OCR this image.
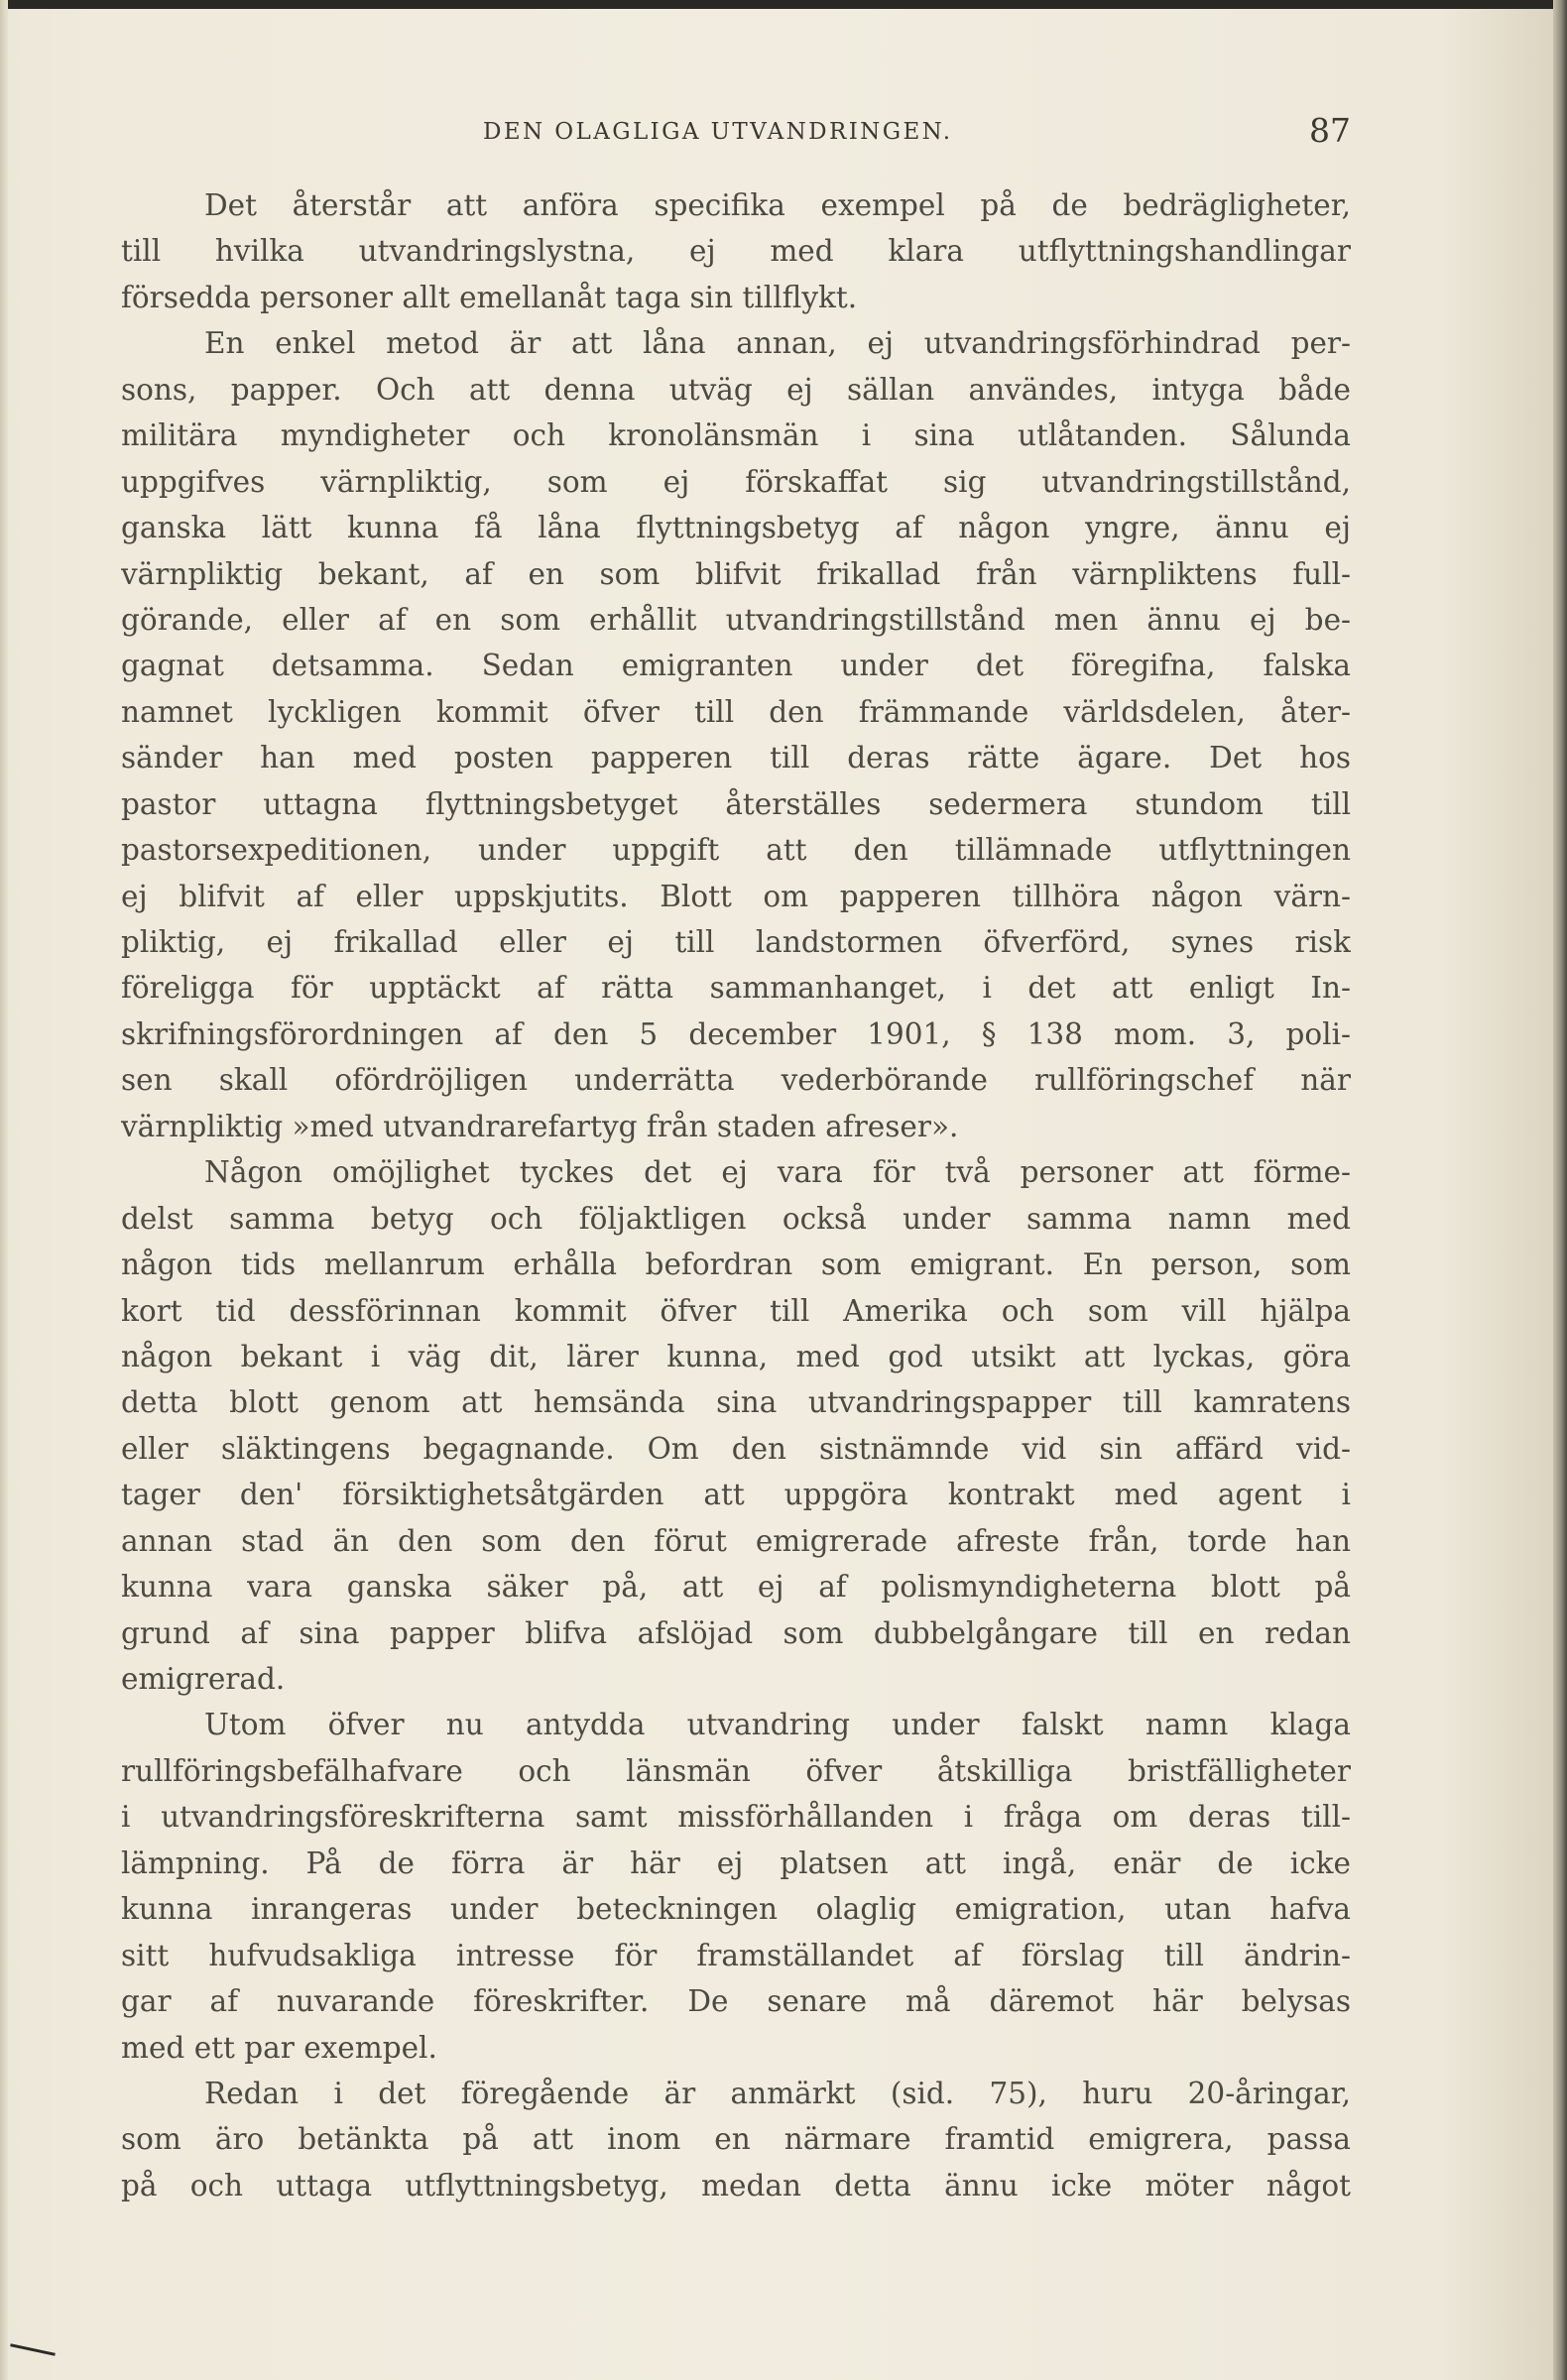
DEN OLAGLIGA UTVANDRINGEN.	87
Det återstår att anföra specifika exempel på de bedrägligheter,
till hvilka utvandringslystna, ej med klara utflyttningshandlingar
försedda personer allt emellanåt taga sin tillflykt.
En enkel metod är att låna annan, ej utvandringsförhindrad per-
sons, papper. Och att denna utväg ej sällan användes, intyga både
militära myndigheter och kronolänsmän i sina utlåtanden. Sålunda
uppgifves värnpliktig, som ej förskaffat sig utvandringstillstånd,
ganska lätt kunna få låna flyttningsbetyg af någon yngre, ännu ej
värnpliktig bekant, af en som blifvit frikallad från värnpliktens full-
görande, eller af en som erhållit utvandringstillstånd men ännu ej be-
gagnat detsamma. Sedan emigranten under det föregifna, falska
namnet lyckligen kommit öfver till den främmande världsdelen, åter-
sänder han med posten papperen till deras rätte ägare. Det hos
pastor uttagna flyttningsbetyget återställes sedermera stundom till
pastorsexpeditionen, under uppgift att den tillämnade utflyttningen
ej blifvit af eller uppskjutits. Blott om papperen tillhöra någon värn-
pliktig, ej frikallad eller ej till landstormen öfverförd, synes risk
föreligga för upptäckt af rätta sammanhanget, i det att enligt In-
skrifningsförordningen af den 5 december 1901, § 138 mom. 3, poli-
sen skall ofördröjligen underrätta vederbörande rullföringschef när
värnpliktig »med utvandrarefartyg från staden afreser».
Någon omöjlighet tyckes det ej vara för två personer att förme-
delst samma betyg och följaktligen också under samma namn med
någon tids mellanrum erhålla befordran som emigrant. En person, som
kort tid dessförinnan kommit öfver till Amerika och som vill hjälpa
någon bekant i väg dit, lärer kunna, med god utsikt att lyckas, göra
detta blott genom att hemsända sina utvandringspapper till kamratens
eller släktingens begagnande. Om den sistnämnde vid sin affärd vid-
tager den' försiktighetsåtgärden att uppgöra kontrakt med agent i
annan stad än den som den förut emigrerade afreste från, torde han
kunna vara ganska säker på, att ej af polismyndigheterna blott på
grund af sina papper blifva afslöjad som dubbelgångare till en redan
emigrerad.
Utom öfver nu antydda utvandring under falskt namn klaga
rullföringsbefälhafvare och länsmän öfver åtskilliga bristfälligheter
i utvandringsföreskrifterna samt missförhållanden i fråga om deras till-
lämpning. På de förra är här ej platsen att ingå, enär de icke
kunna inrangeras under beteckningen olaglig emigration, utan hafva
sitt hufvudsakliga intresse för framställandet af förslag till ändrin-
gar af nuvarande föreskrifter. De senare må däremot här belysas
med ett par exempel.
Redan i det föregående är anmärkt (sid. 75), huru 20-åringar,
som äro betänkta på att inom en närmare framtid emigrera, passa
på och uttaga utflyttningsbetyg, medan detta ännu icke möter något
